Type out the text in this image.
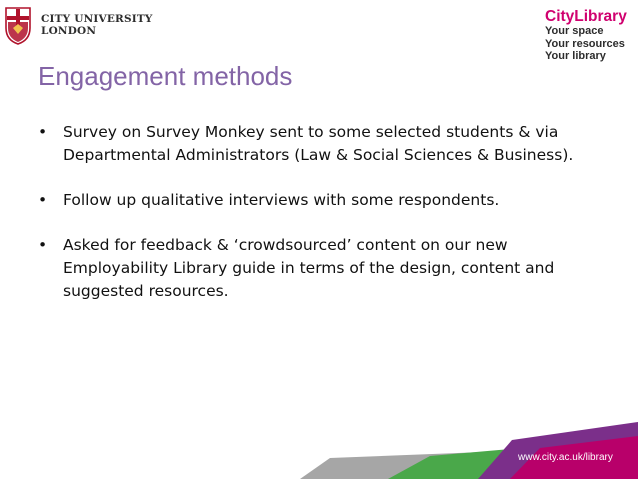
CITY UNIVERSITY
LONDON
CityLibrary
Your space
Your resources
Your library
Engagement methods
• Survey on Survey Monkey sent to some selected students & via Departmental Administrators (Law & Social Sciences & Business).
• Follow up qualitative interviews with some respondents.
• Asked for feedback & ‘crowdsourced’ content on our new Employability Library guide in terms of the design, content and suggested resources.
www.city.ac.uk/library
